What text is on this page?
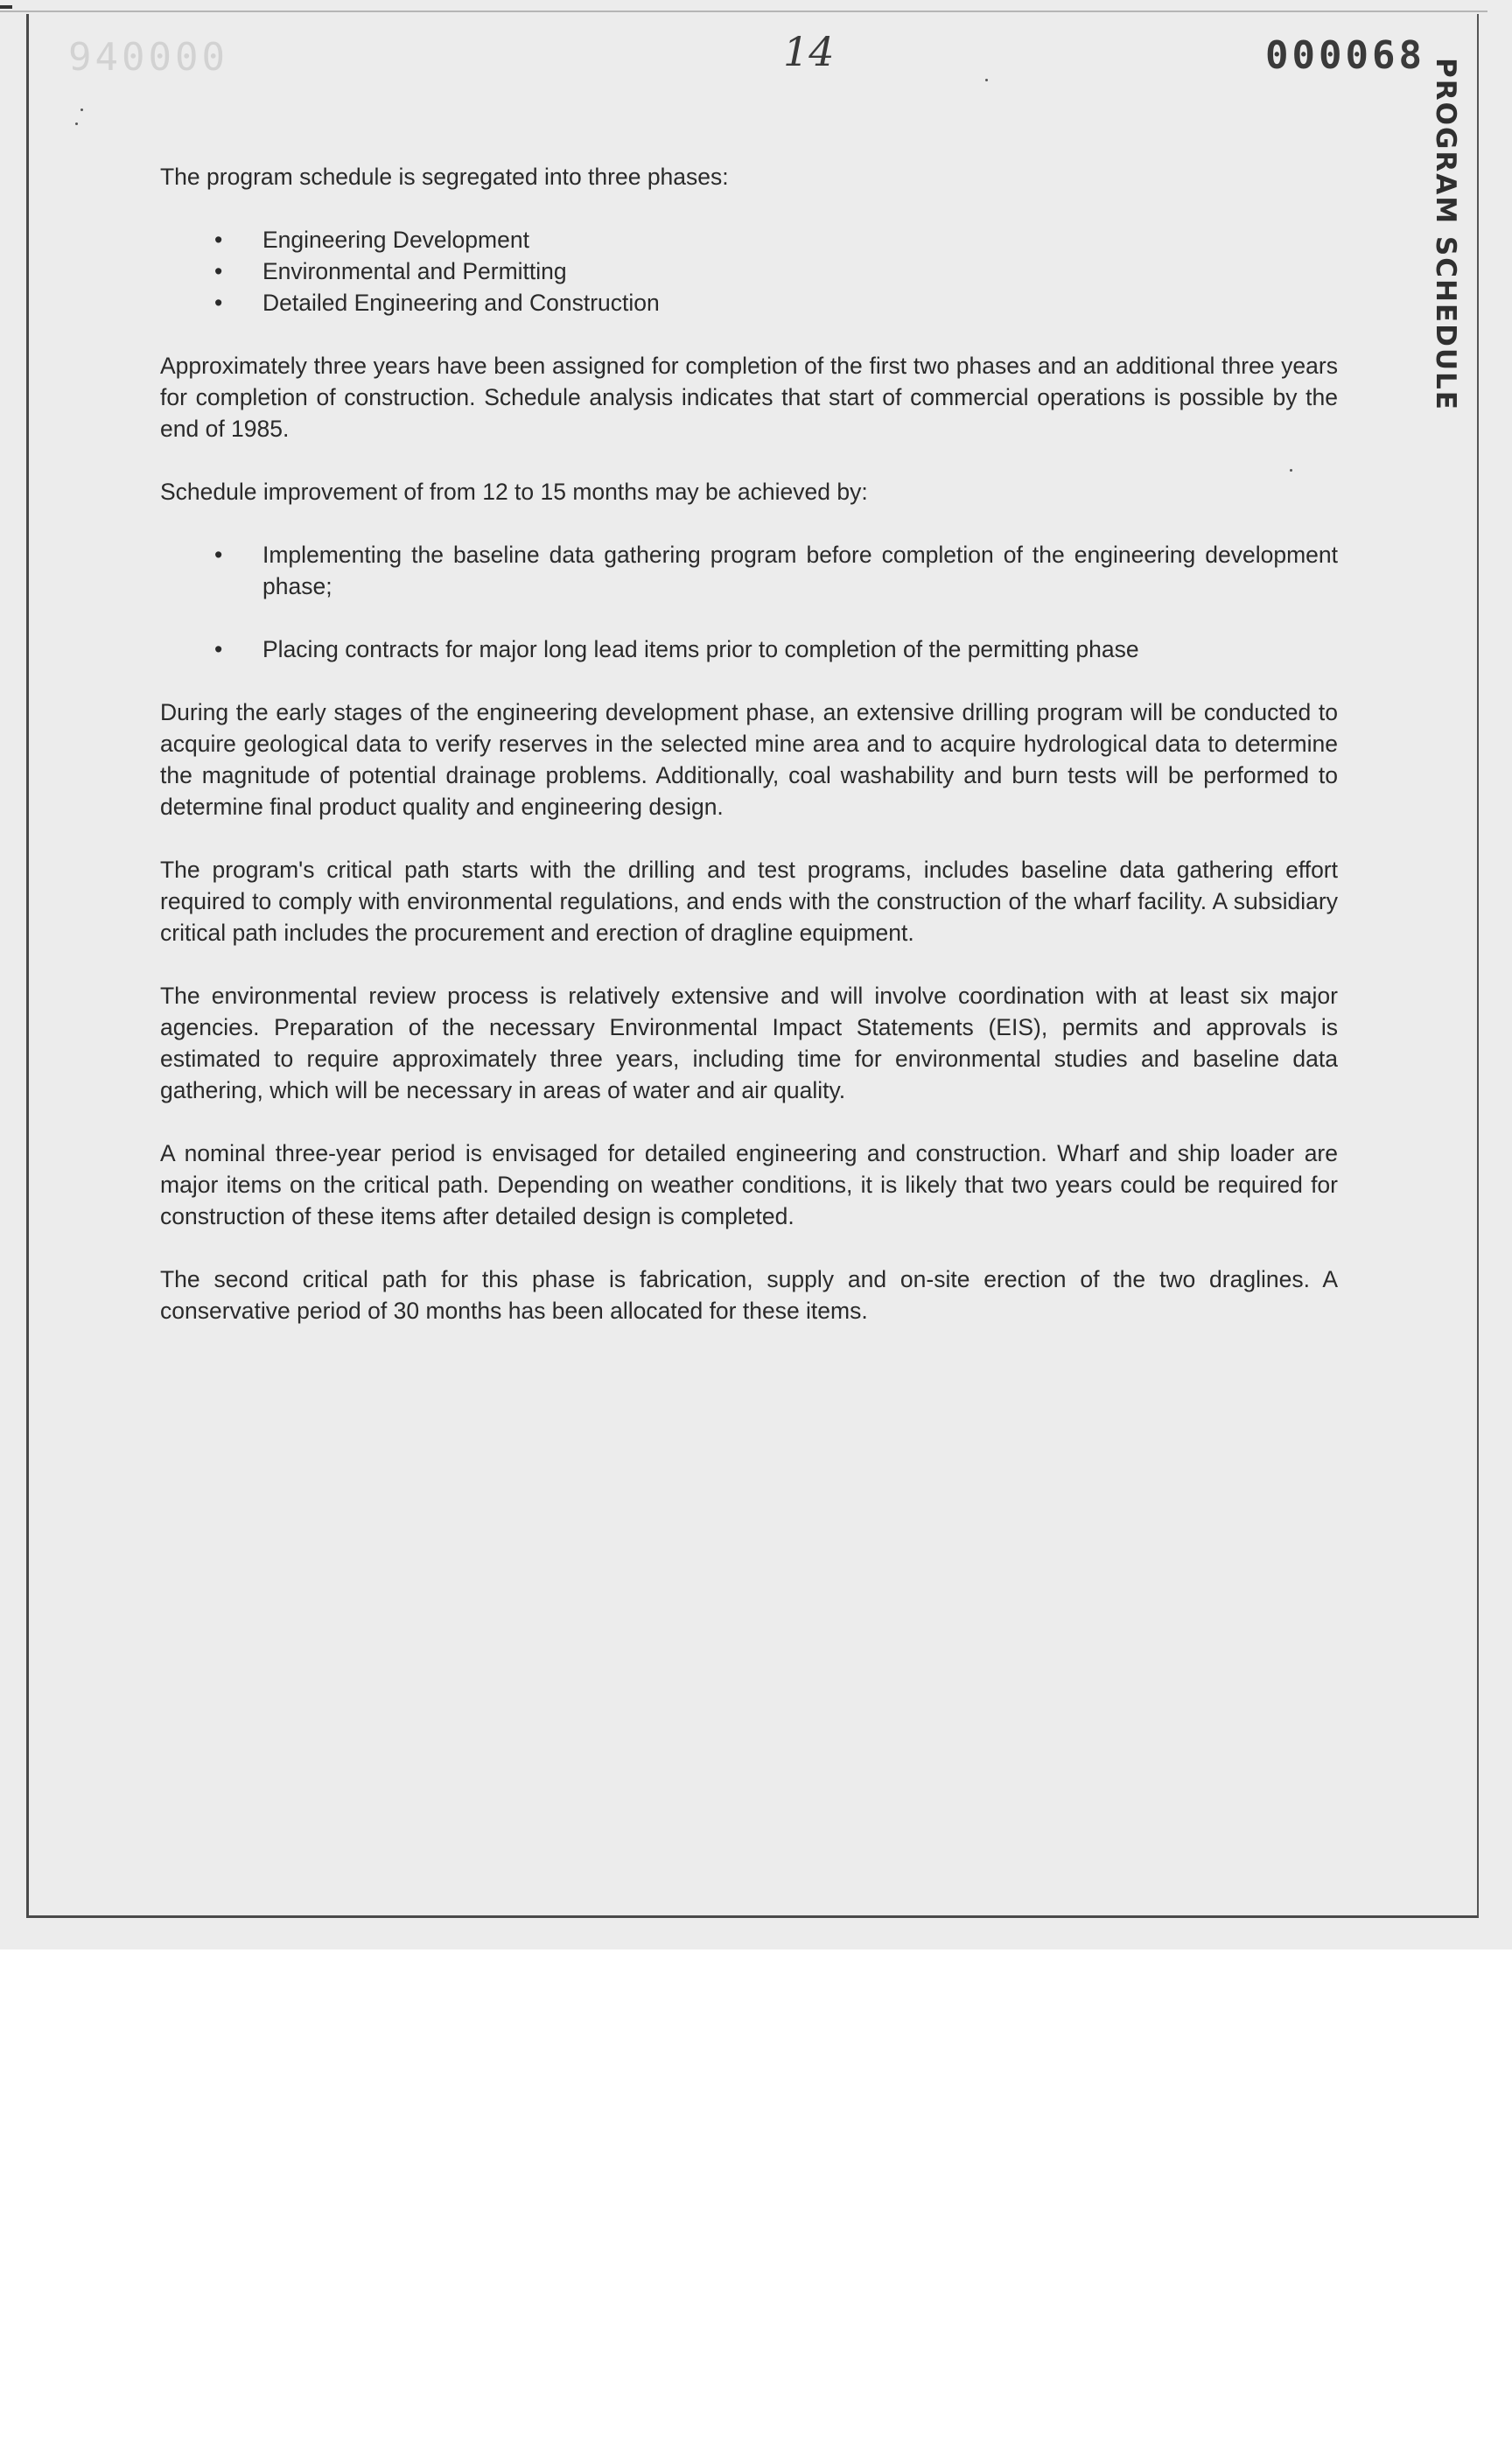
940000	14	000068
PROGRAM SCHEDULE

The program schedule is segregated into three phases:

• Engineering Development
• Environmental and Permitting
• Detailed Engineering and Construction

Approximately three years have been assigned for completion of the first two phases and an additional three years for completion of construction. Schedule analysis indicates that start of commercial operations is possible by the end of 1985.

Schedule improvement of from 12 to 15 months may be achieved by:

• Implementing the baseline data gathering program before completion of the engineering development phase;
• Placing contracts for major long lead items prior to completion of the permitting phase

During the early stages of the engineering development phase, an extensive drilling program will be conducted to acquire geological data to verify reserves in the selected mine area and to acquire hydrological data to determine the magnitude of potential drainage problems. Additionally, coal washability and burn tests will be performed to determine final product quality and engineering design.

The program's critical path starts with the drilling and test programs, includes baseline data gathering effort required to comply with environmental regulations, and ends with the construction of the wharf facility. A subsidiary critical path includes the procurement and erection of dragline equipment.

The environmental review process is relatively extensive and will involve coordination with at least six major agencies. Preparation of the necessary Environmental Impact Statements (EIS), permits and approvals is estimated to require approximately three years, including time for environmental studies and baseline data gathering, which will be necessary in areas of water and air quality.

A nominal three-year period is envisaged for detailed engineering and construction. Wharf and ship loader are major items on the critical path. Depending on weather conditions, it is likely that two years could be required for construction of these items after detailed design is completed.

The second critical path for this phase is fabrication, supply and on-site erection of the two draglines. A conservative period of 30 months has been allocated for these items.
